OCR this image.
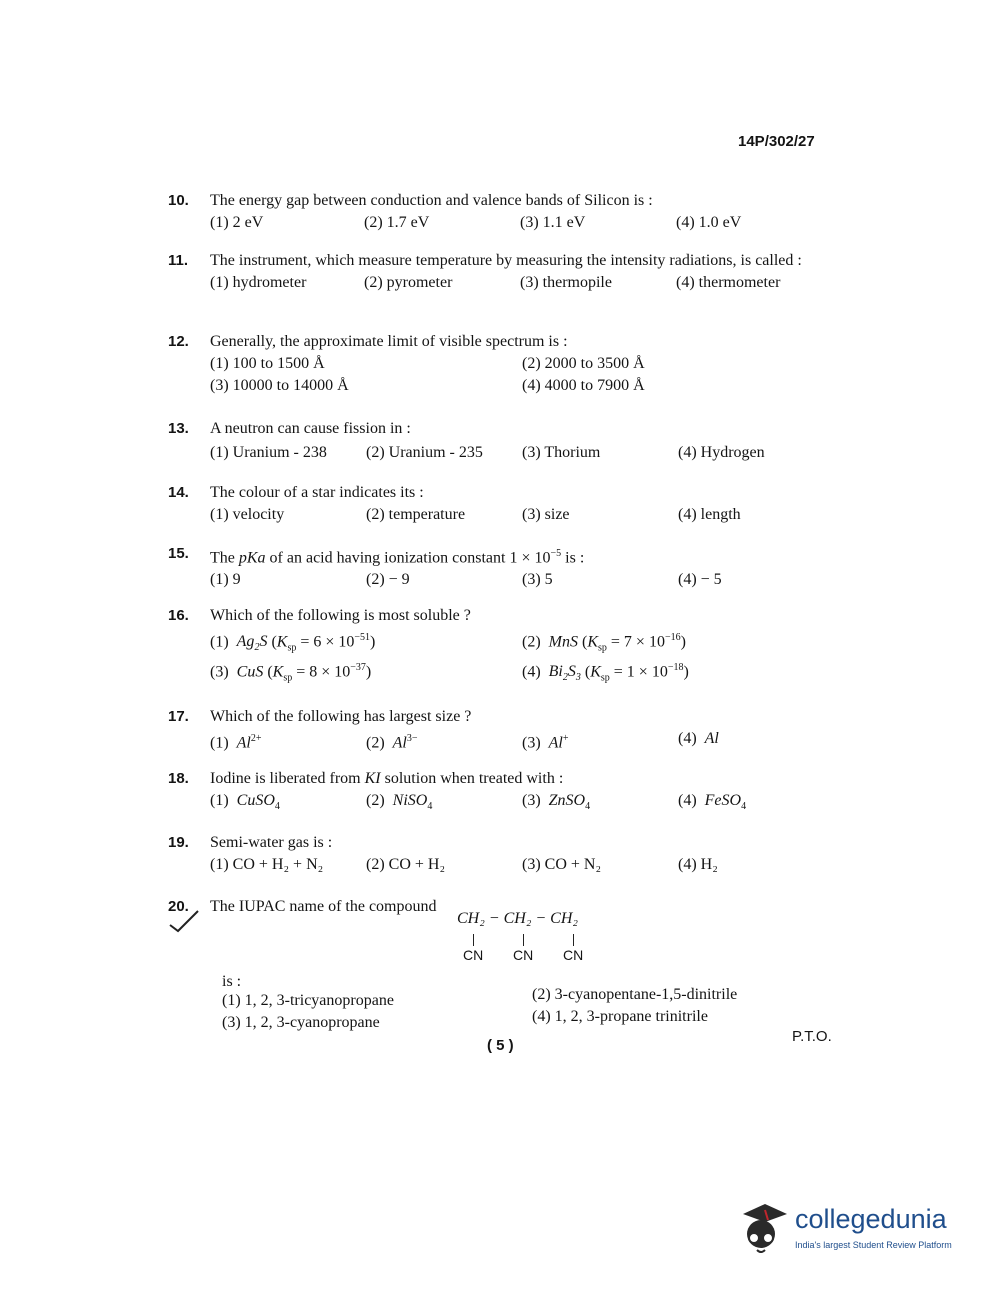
14P/302/27
10. The energy gap between conduction and valence bands of Silicon is :
(1) 2 eV	(2) 1.7 eV	(3) 1.1 eV	(4) 1.0 eV
11. The instrument, which measure temperature by measuring the intensity radiations, is called :
(1) hydrometer	(2) pyrometer	(3) thermopile	(4) thermometer
12. Generally, the approximate limit of visible spectrum is :
(1) 100 to 1500 Å	(2) 2000 to 3500 Å
(3) 10000 to 14000 Å	(4) 4000 to 7900 Å
13. A neutron can cause fission in :
(1) Uranium - 238 (2) Uranium - 235 (3) Thorium	(4) Hydrogen
14. The colour of a star indicates its :
(1) velocity	(2) temperature	(3) size	(4) length
15. The pKa of an acid having ionization constant $1 \times 10^{-5}$ is :
(1) 9	(2) − 9	(3) 5	(4) − 5
16. Which of the following is most soluble ?
(1) $Ag_2S$ $(K_{sp} = 6 \times 10^{-51})$	(2) MnS $(K_{sp} = 7 \times 10^{-16})$
(3) CuS $(K_{sp} = 8 \times 10^{-37})$	(4) $Bi_2S_3$ $(K_{sp} = 1 \times 10^{-18})$
17. Which of the following has largest size ?
(1) $Al^{2+}$	(2) $Al^{3-}$	(3) Al+	(4) Al
18. Iodine is liberated from KI solution when treated with :
(1) CuSO$_4$	(2) NiSO$_4$	(3) ZnSO$_4$	(4) FeSO$_4$
19. Semi-water gas is :
(1) CO + H₂ + N₂	(2) CO + H₂	(3) CO + N₂	(4) H₂
20. The IUPAC name of the compound
CH₂ − CH₂ − CH₂
CN CN CN
is :
(1) 1, 2, 3-tricyanopropane	(2) 3-cyanopentane-1,5-dinitrile
(3) 1, 2, 3-cyanopropane	(4) 1, 2, 3-propane trinitrile
( 5 )
P.T.O.
collegedunia
India's largest Student Review Platform
